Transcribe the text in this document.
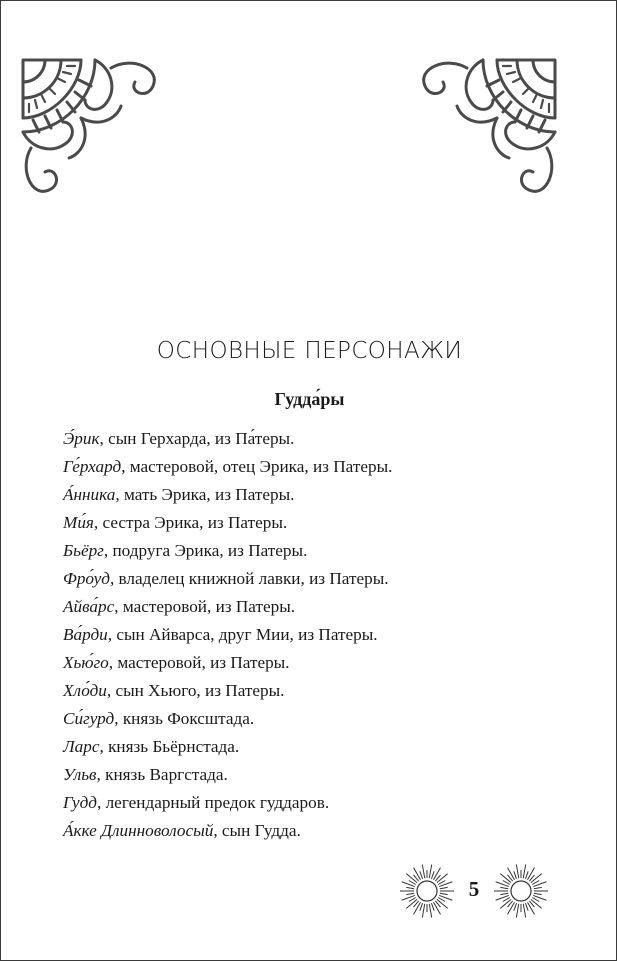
ОСНОВНЫЕ ПЕРСОНАЖИ
Гудда́ры
Э́рик, сын Герхарда, из Па́теры.
Ге́рхард, мастеровой, отец Эрика, из Патеры.
А́нника, мать Эрика, из Патеры.
Ми́я, сестра Эрика, из Патеры.
Бьёрг, подруга Эрика, из Патеры.
Фро́уд, владелец книжной лавки, из Патеры.
Айва́рс, мастеровой, из Патеры.
Ва́рди, сын Айварса, друг Мии, из Патеры.
Хью́го, мастеровой, из Патеры.
Хло́ди, сын Хьюго, из Патеры.
Си́гурд, князь Фоксштада.
Ларс, князь Бьёрнстада.
Ульв, князь Варгстада.
Гудд, легендарный предок гуддаров.
А́кке Длинноволосый, сын Гудда.
5
